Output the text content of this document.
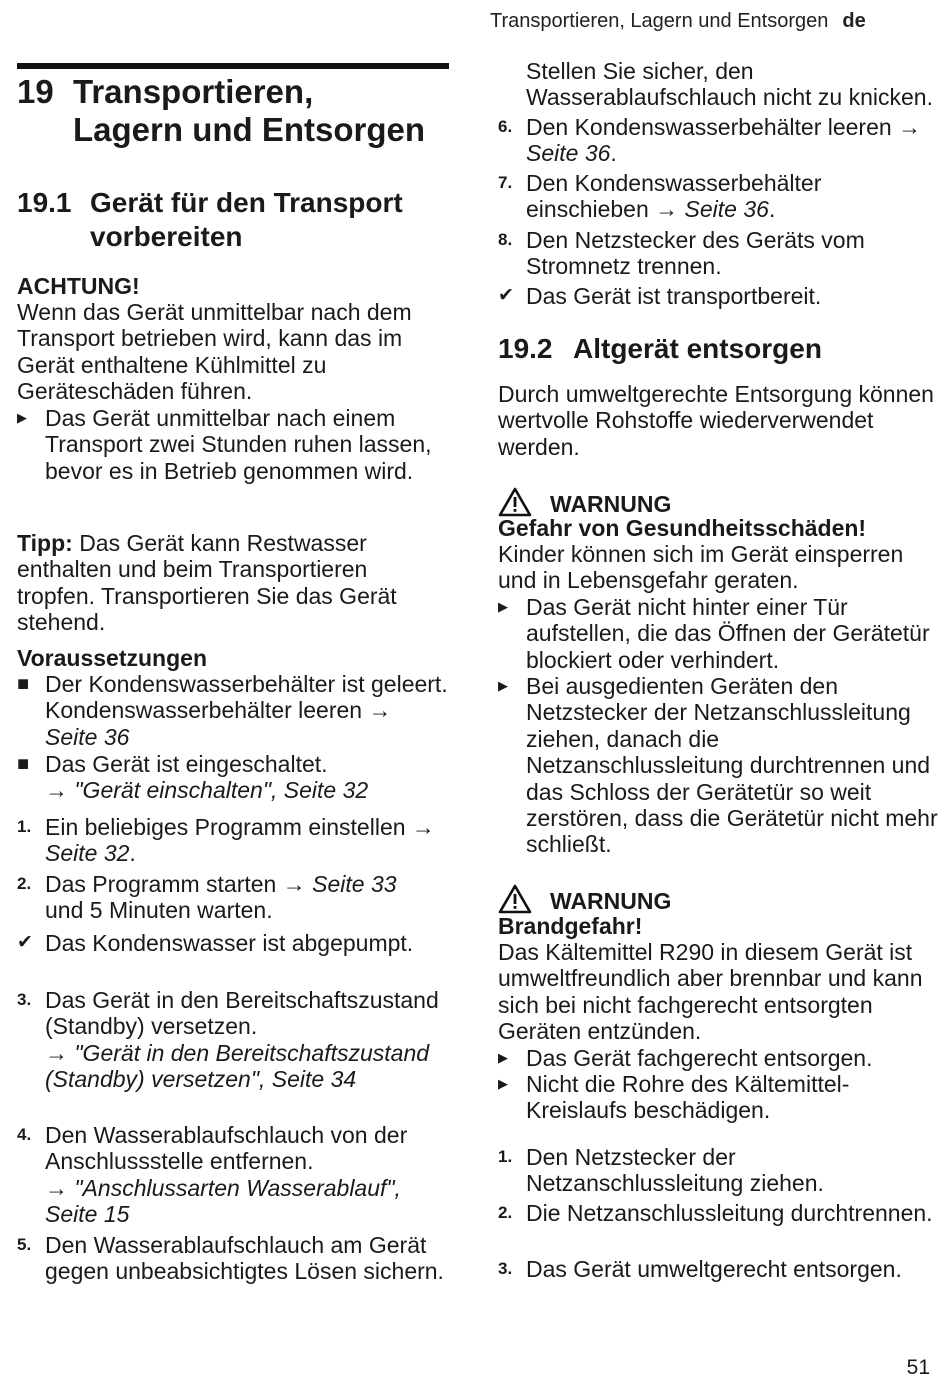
Transportieren, Lagern und Entsorgen de
19 Transportieren,
Lagern und Entsorgen
19.1 Gerät für den Transport
vorbereiten
ACHTUNG!
Wenn das Gerät unmittelbar nach dem Transport betrieben wird, kann das im Gerät enthaltene Kühlmittel zu Geräteschäden führen.
▶ Das Gerät unmittelbar nach einem Transport zwei Stunden ruhen lassen, bevor es in Betrieb genommen wird.
Tipp: Das Gerät kann Restwasser enthalten und beim Transportieren tropfen. Transportieren Sie das Gerät stehend.
Voraussetzungen
■ Der Kondenswasserbehälter ist geleert. Kondenswasserbehälter leeren → Seite 36
■ Das Gerät ist eingeschaltet.
→ "Gerät einschalten", Seite 32
1. Ein beliebiges Programm einstellen → Seite 32.
2. Das Programm starten → Seite 33
und 5 Minuten warten.
✔ Das Kondenswasser ist abgepumpt.
3. Das Gerät in den Bereitschaftszustand (Standby) versetzen.
→ "Gerät in den Bereitschaftszustand (Standby) versetzen", Seite 34
4. Den Wasserablaufschlauch von der Anschlussstelle entfernen.
→ "Anschlussarten Wasserablauf", Seite 15
5. Den Wasserablaufschlauch am Gerät gegen unbeabsichtigtes Lösen sichern.
Stellen Sie sicher, den Wasserablaufschlauch nicht zu knicken.
6. Den Kondenswasserbehälter leeren → Seite 36.
7. Den Kondenswasserbehälter einschieben → Seite 36.
8. Den Netzstecker des Geräts vom Stromnetz trennen.
✔ Das Gerät ist transportbereit.
19.2 Altgerät entsorgen
Durch umweltgerechte Entsorgung können wertvolle Rohstoffe wiederverwendet werden.
WARNUNG
Gefahr von Gesundheitsschäden!
Kinder können sich im Gerät einsperren und in Lebensgefahr geraten.
▶ Das Gerät nicht hinter einer Tür aufstellen, die das Öffnen der Gerätetür blockiert oder verhindert.
▶ Bei ausgedienten Geräten den Netzstecker der Netzanschlussleitung ziehen, danach die Netzanschlussleitung durchtrennen und das Schloss der Gerätetür so weit zerstören, dass die Gerätetür nicht mehr schließt.
WARNUNG
Brandgefahr!
Das Kältemittel R290 in diesem Gerät ist umweltfreundlich aber brennbar und kann sich bei nicht fachgerecht entsorgten Geräten entzünden.
▶ Das Gerät fachgerecht entsorgen.
▶ Nicht die Rohre des Kältemittel-Kreislaufs beschädigen.
1. Den Netzstecker der Netzanschlussleitung ziehen.
2. Die Netzanschlussleitung durchtrennen.
3. Das Gerät umweltgerecht entsorgen.
51
